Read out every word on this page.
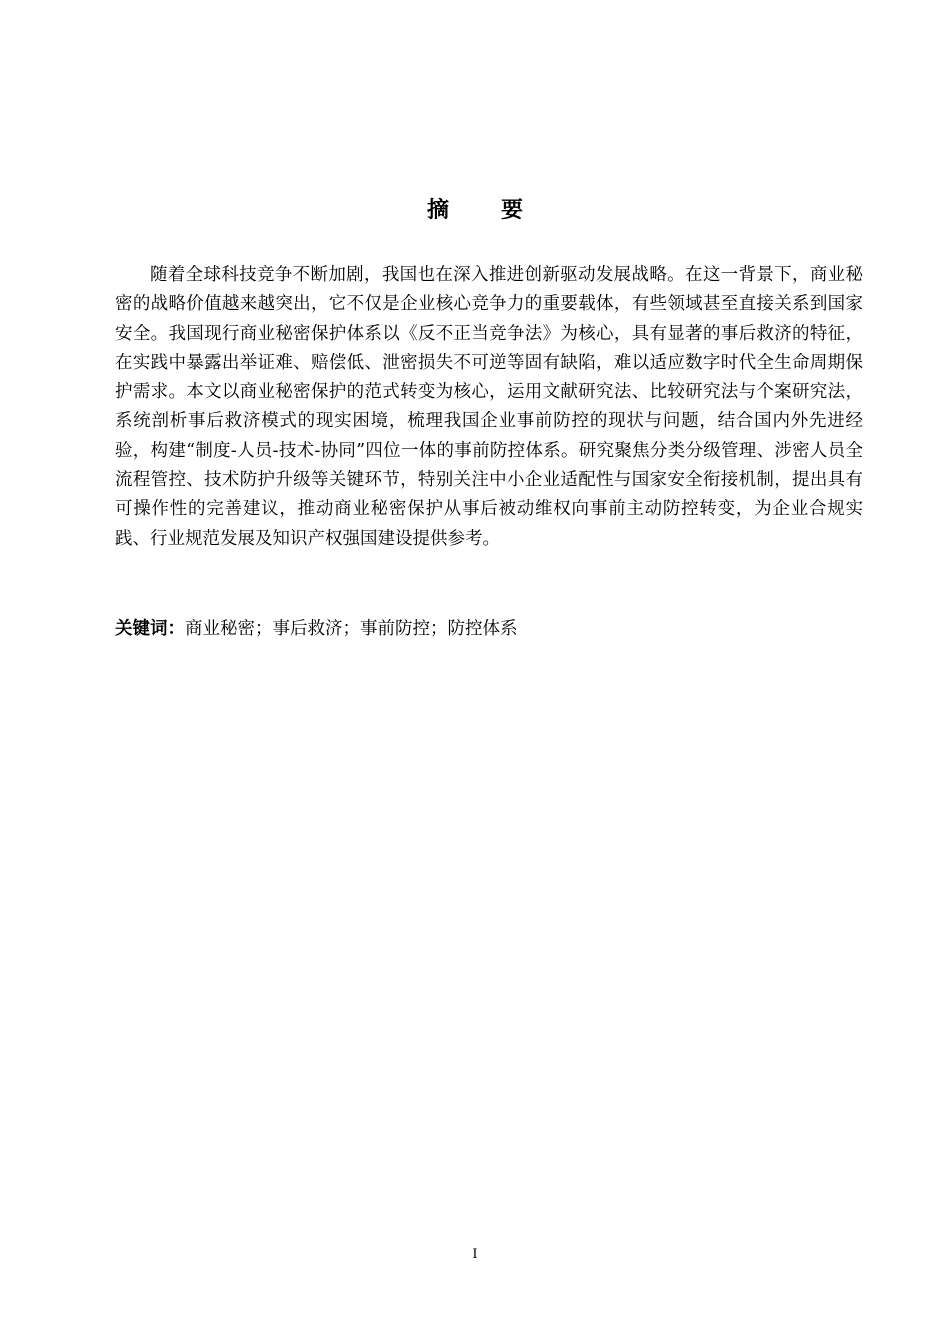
摘 要

随着全球科技竞争不断加剧，我国也在深入推进创新驱动发展战略。在这一背景下，商业秘密的战略价值越来越突出，它不仅是企业核心竞争力的重要载体，有些领域甚至直接关系到国家安全。我国现行商业秘密保护体系以《反不正当竞争法》为核心，具有显著的事后救济的特征，在实践中暴露出举证难、赔偿低、泄密损失不可逆等固有缺陷，难以适应数字时代全生命周期保护需求。本文以商业秘密保护的范式转变为核心，运用文献研究法、比较研究法与个案研究法，系统剖析事后救济模式的现实困境，梳理我国企业事前防控的现状与问题，结合国内外先进经验，构建“制度-人员-技术-协同”四位一体的事前防控体系。研究聚焦分类分级管理、涉密人员全流程管控、技术防护升级等关键环节，特别关注中小企业适配性与国家安全衔接机制，提出具有可操作性的完善建议，推动商业秘密保护从事后被动维权向事前主动防控转变，为企业合规实践、行业规范发展及知识产权强国建设提供参考。

关键词：商业秘密；事后救济；事前防控；防控体系

I
